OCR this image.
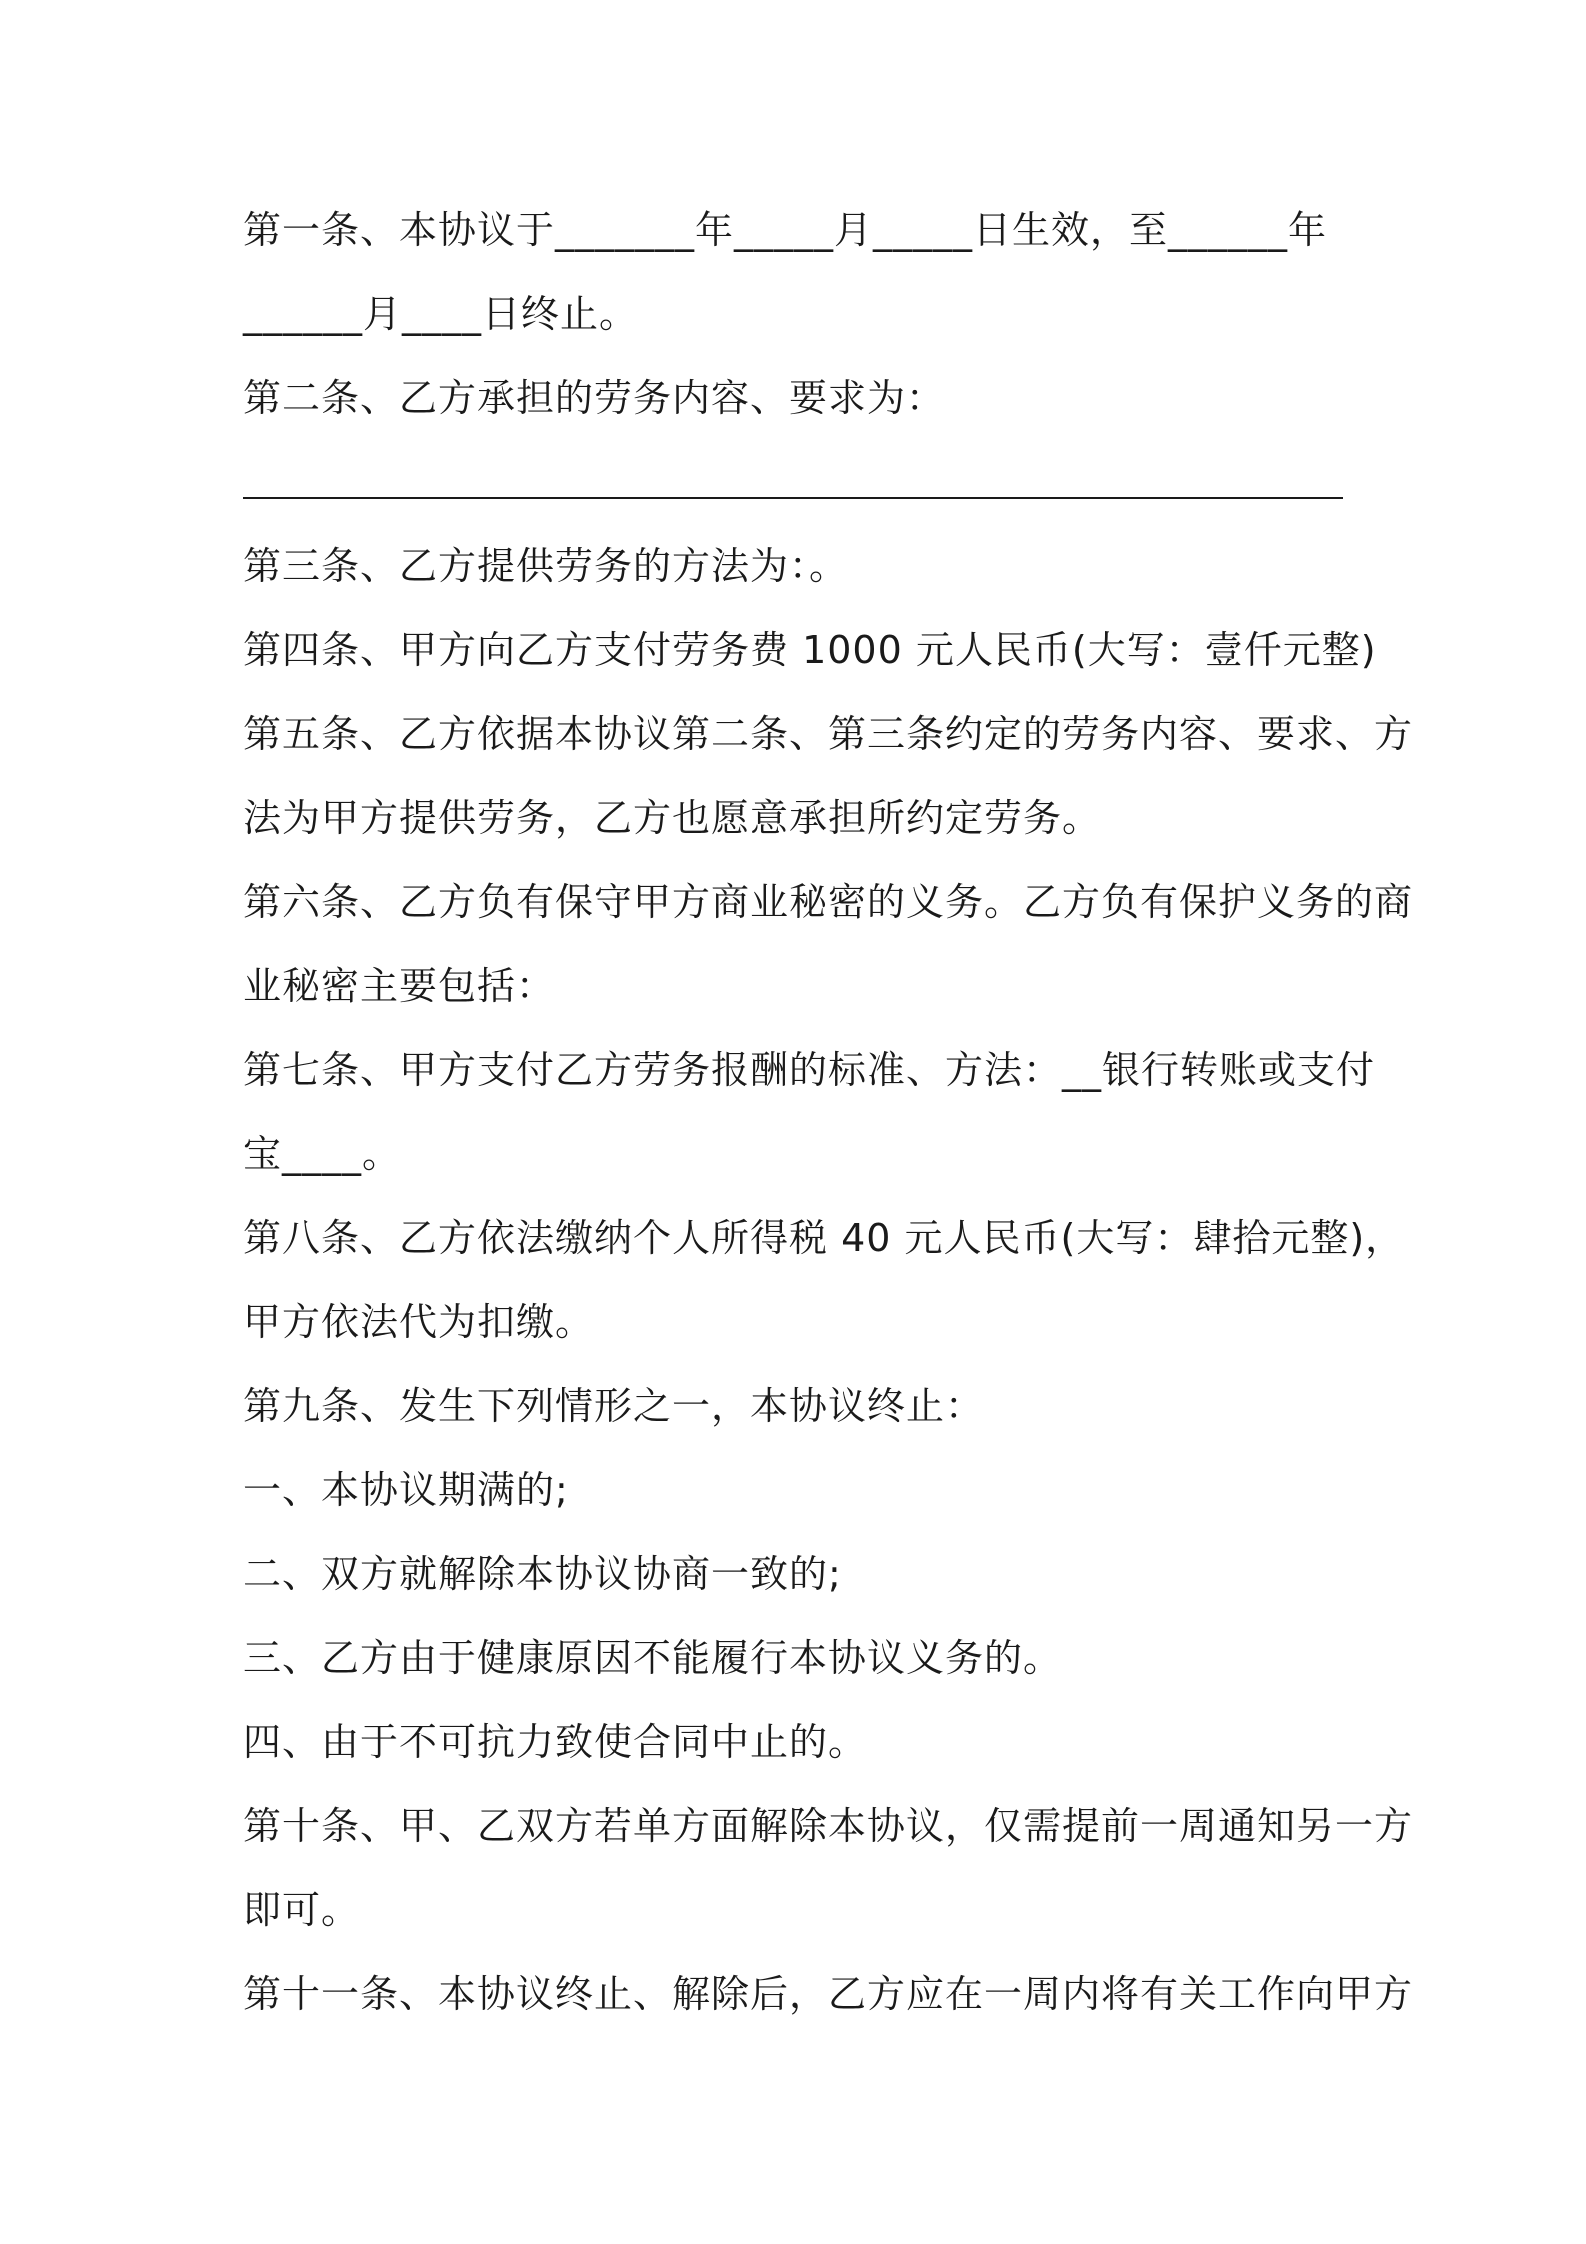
第一条、本协议于_______年_____月_____日生效，至______年
______月____日终止。
第二条、乙方承担的劳务内容、要求为：
第三条、乙方提供劳务的方法为：。
第四条、甲方向乙方支付劳务费 1000 元人民币(大写：壹仟元整)
第五条、乙方依据本协议第二条、第三条约定的劳务内容、要求、方
法为甲方提供劳务，乙方也愿意承担所约定劳务。
第六条、乙方负有保守甲方商业秘密的义务。乙方负有保护义务的商
业秘密主要包括：
第七条、甲方支付乙方劳务报酬的标准、方法：__银行转账或支付
宝____。
第八条、乙方依法缴纳个人所得税 40 元人民币(大写：肆拾元整)，
甲方依法代为扣缴。
第九条、发生下列情形之一，本协议终止：
一、本协议期满的;
二、双方就解除本协议协商一致的;
三、乙方由于健康原因不能履行本协议义务的。
四、由于不可抗力致使合同中止的。
第十条、甲、乙双方若单方面解除本协议，仅需提前一周通知另一方
即可。
第十一条、本协议终止、解除后，乙方应在一周内将有关工作向甲方
